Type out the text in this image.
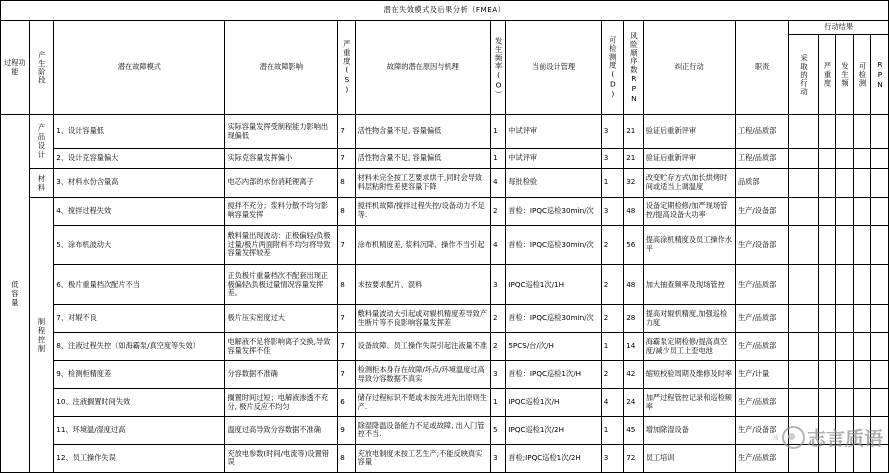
潜在失效模式及后果分析（FMEA）																
过程功能	产生阶段	潜在故障模式	潜在故障影响	严重度(S)	故障的潜在原因与机理	发生频率(O）	当前设计管理	可检测度(D)	风险顺序数RPN	纠正行动	职责	行动结果				

												采取的行动	严重度	发生频	可检测	RPN

低容量	产品设计	1、设计容量低	实际容量发挥受制程能力影响出现偏低	7	活性物含量不足, 容量偏低	1	中试评审	3	21	验证后重新评审	工程/品质部					
		2、设计克容量偏大	实际克容量发挥偏小	7	活性物含量不足, 容量偏低	1	中试评审	3	21	验证后重新评审	工程/品质部					

	材料	3、材料水份含量高	电芯内部的水份消耗锂离子	8	材料未完全按工艺要求烘干,同时会导致料层粘附性差使容量下降	4	每批检验	1	32	改变贮存方式\加长烘烤时间或适当上调温度	品质部					

	制程控制	4、搅拌过程失效	搅拌不充分；浆料分散不均匀影响容量发挥	8	搅拌机故障/搅拌过程失控/设备动力不足等.	2	首检：IPQC巡检30min/次	3	48	设备定期检修/加严现场管控/提高设备大功率	生产/设备部					
		5、涂布机波动大	敷料量出现波动：正极偏轻/负极过量/极片两面附料不均匀将导致容量发挥较差	7	涂布机精度差, 浆料沉降、操作不当引起	4	首检：IPQC巡检30min/次	2	56	提高涂机精度及员工操作水平	生产/设备部					
		6、极片重量档次配片不当	正负极片重量档次不配套出现正极偏轻\负极过量情况容量发挥差。	8	未按要求配片、混料	3	IPQC巡检1次/1H	2	48	加大抽查频率及现场管控	生产/品质部					
		7、对辊不良	极片压实密度过大	7	敷料量波动大引起或对辊机精度差导致产生断片等不良影响容量发挥差	2	首检：IPQC巡检30min/次	2	28	提高对辊机精度,加强巡检力度	生产/品质部					
		8、注液过程失控（如海霸泵/真空度等失效）	电解液不足将影响离子交换,导致容量发挥不佳	7	设备故障、员工操作失误引起注液量不准	2	5PCS/台/次/H	1	14	海霸泵定期检修/提高真空度/减少员工上歪电池	生产/品质部					
		9、检测柜精度差	分容数据不准确	7	检测柜本身存在故障/坏点/环境温度过高导致分容数据不真实	3	首检：IPQC巡检1次/H	2	42	缩短校验周期及维修及时率	生产/计量					
		10、注液搁置时间失效	搁置时间过短；电解液渗透不充分, 极片反应不均匀	6	储存过程标识不楚或未按先进先出原则生产.	1	IPQC巡检1次/H	4	24	加严过程管控记录和巡检频率	生产/品质部					
		11、环境温/湿度过高	温度过高导致分容数据不准确	9	除湿降温设备能力不足或故障, 出入门管控不当.	5	IPQC巡检1次/2H	1	45	增加除湿设备	生产/设备部					
		12、员工操作失误	充放电参数(时间/电流等)设置错误	8	充放电制度未按工艺生产;不能反映真实容量	3	首检;IPQC巡检1次/2H	3	72	员工培训	生产/品质部					
质 志言质语
